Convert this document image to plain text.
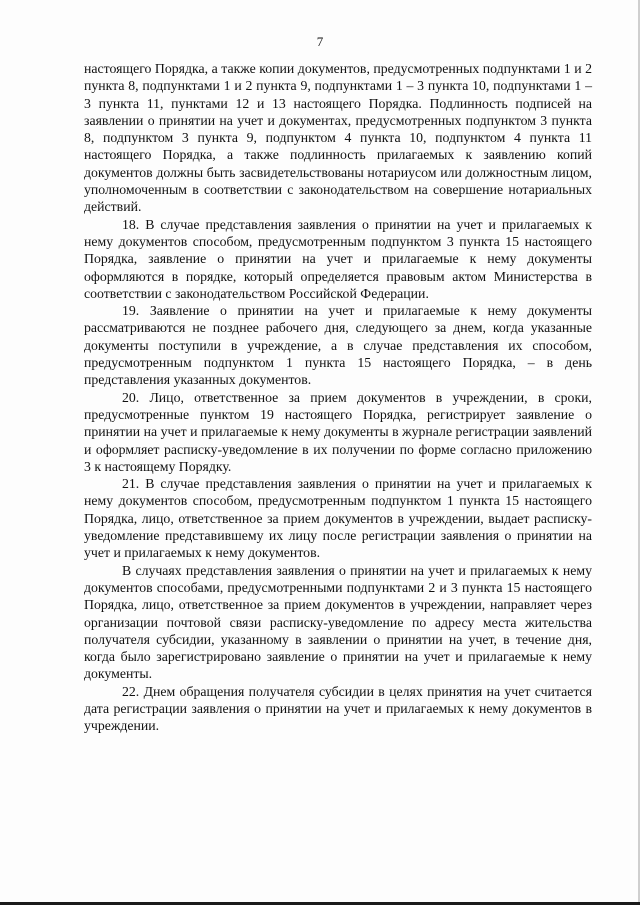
7

настоящего Порядка, а также копии документов, предусмотренных подпунктами 1 и 2 пункта 8, подпунктами 1 и 2 пункта 9, подпунктами 1 – 3 пункта 10, подпунктами 1 – 3 пункта 11, пунктами 12 и 13 настоящего Порядка. Подлинность подписей на заявлении о принятии на учет и документах, предусмотренных подпунктом 3 пункта 8, подпунктом 3 пункта 9, подпунктом 4 пункта 10, подпунктом 4 пункта 11 настоящего Порядка, а также подлинность прилагаемых к заявлению копий документов должны быть засвидетельствованы нотариусом или должностным лицом, уполномоченным в соответствии с законодательством на совершение нотариальных действий.

18. В случае представления заявления о принятии на учет и прилагаемых к нему документов способом, предусмотренным подпунктом 3 пункта 15 настоящего Порядка, заявление о принятии на учет и прилагаемые к нему документы оформляются в порядке, который определяется правовым актом Министерства в соответствии с законодательством Российской Федерации.

19. Заявление о принятии на учет и прилагаемые к нему документы рассматриваются не позднее рабочего дня, следующего за днем, когда указанные документы поступили в учреждение, а в случае представления их способом, предусмотренным подпунктом 1 пункта 15 настоящего Порядка, – в день представления указанных документов.

20. Лицо, ответственное за прием документов в учреждении, в сроки, предусмотренные пунктом 19 настоящего Порядка, регистрирует заявление о принятии на учет и прилагаемые к нему документы в журнале регистрации заявлений и оформляет расписку-уведомление в их получении по форме согласно приложению 3 к настоящему Порядку.

21. В случае представления заявления о принятии на учет и прилагаемых к нему документов способом, предусмотренным подпунктом 1 пункта 15 настоящего Порядка, лицо, ответственное за прием документов в учреждении, выдает расписку-уведомление представившему их лицу после регистрации заявления о принятии на учет и прилагаемых к нему документов.

В случаях представления заявления о принятии на учет и прилагаемых к нему документов способами, предусмотренными подпунктами 2 и 3 пункта 15 настоящего Порядка, лицо, ответственное за прием документов в учреждении, направляет через организации почтовой связи расписку-уведомление по адресу места жительства получателя субсидии, указанному в заявлении о принятии на учет, в течение дня, когда было зарегистрировано заявление о принятии на учет и прилагаемые к нему документы.

22. Днем обращения получателя субсидии в целях принятия на учет считается дата регистрации заявления о принятии на учет и прилагаемых к нему документов в учреждении.
